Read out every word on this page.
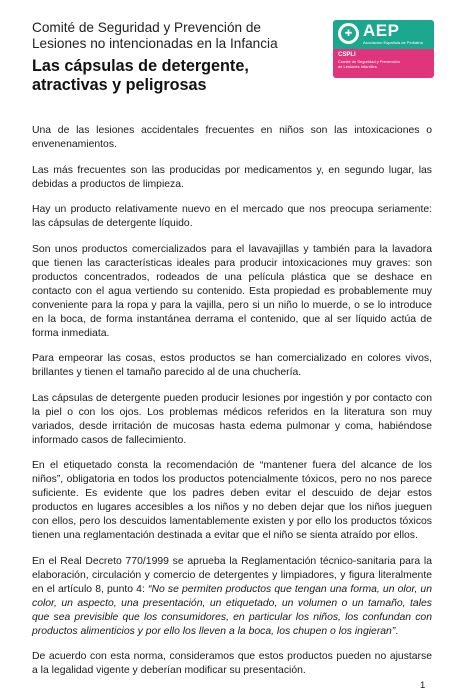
Comité de Seguridad y Prevención de
Lesiones no intencionadas en la Infancia
Las cápsulas de detergente,
atractivas y peligrosas
✚ AEP
Asociación Española de Pediatría
CSPLI
Comité de Seguridad y Prevención
de Lesiones Infantiles

Una de las lesiones accidentales frecuentes en niños son las intoxicaciones o envenenamientos.

Las más frecuentes son las producidas por medicamentos y, en segundo lugar, las debidas a productos de limpieza.

Hay un producto relativamente nuevo en el mercado que nos preocupa seriamente: las cápsulas de detergente líquido.

Son unos productos comercializados para el lavavajillas y también para la lavadora que tienen las características ideales para producir intoxicaciones muy graves: son productos concentrados, rodeados de una película plástica que se deshace en contacto con el agua vertiendo su contenido. Esta propiedad es probablemente muy conveniente para la ropa y para la vajilla, pero si un niño lo muerde, o se lo introduce en la boca, de forma instantánea derrama el contenido, que al ser líquido actúa de forma inmediata.

Para empeorar las cosas, estos productos se han comercializado en colores vivos, brillantes y tienen el tamaño parecido al de una chuchería.

Las cápsulas de detergente pueden producir lesiones por ingestión y por contacto con la piel o con los ojos. Los problemas médicos referidos en la literatura son muy variados, desde irritación de mucosas hasta edema pulmonar y coma, habiéndose informado casos de fallecimiento.

En el etiquetado consta la recomendación de “mantener fuera del alcance de los niños”, obligatoria en todos los productos potencialmente tóxicos, pero no nos parece suficiente. Es evidente que los padres deben evitar el descuido de dejar estos productos en lugares accesibles a los niños y no deben dejar que los niños jueguen con ellos, pero los descuidos lamentablemente existen y por ello los productos tóxicos tienen una reglamentación destinada a evitar que el niño se sienta atraído por ellos.

En el Real Decreto 770/1999 se aprueba la Reglamentación técnico-sanitaria para la elaboración, circulación y comercio de detergentes y limpiadores, y figura literalmente en el artículo 8, punto 4: “No se permiten productos que tengan una forma, un olor, un color, un aspecto, una presentación, un etiquetado, un volumen o un tamaño, tales que sea previsible que los consumidores, en particular los niños, los confundan con productos alimenticios y por ello los lleven a la boca, los chupen o los ingieran”.

De acuerdo con esta norma, consideramos que estos productos pueden no ajustarse a la legalidad vigente y deberían modificar su presentación.

1
